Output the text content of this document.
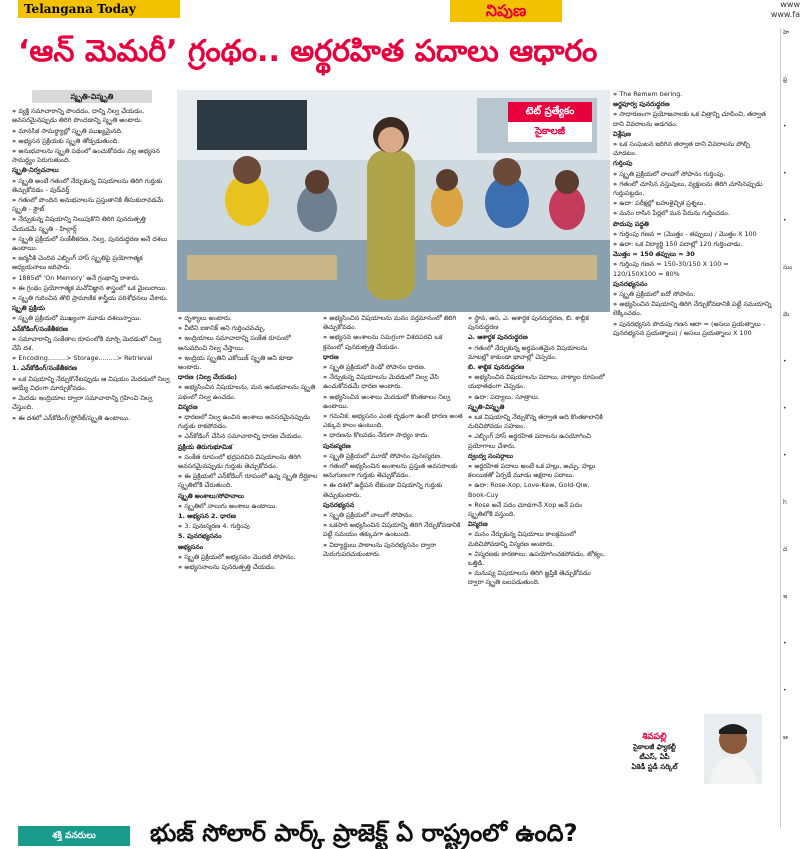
Telangana Today	నిపుణ	www
www.fa
‘ఆన్ మెమరీ’ గ్రంథం.. అర్థరహిత పదాలు ఆధారం
స్మృతి-విస్మృతి

» వ్యక్తి సమాచారాన్ని పొందడం, దాన్ని నిల్వ చేయడం, అవసరమైనప్పుడు తిరిగి పొందడాన్ని స్మృతి అంటారు.

» మానసిక సామర్థ్యాల్లో స్మృతి ముఖ్యమైనది.

» అభ్యసన ప్రక్రియకు స్మృతి తోడ్పడుతుంది.

» అనుభవాలను స్మృతి పథంలో ఉంచుకోవడం వల్ల అభ్యసన సామర్థ్యం పెరుగుతుంది.

స్మృతి-నిర్వచనాలు

» స్మృతి అంటే గతంలో నేర్చుకున్న విషయాలను తిరిగి గుర్తుకు తెచ్చుకోవడం - వుడ్‌వర్త్

» గతంలో పొందిన అనుభవాలను ప్రస్తుతానికి తీసుకురావడమే స్మృతి - స్టౌట్

» నేర్చుకున్న విషయాన్ని నిలుపుకొని తిరిగి పునరుత్పత్తి చేయడమే స్మృతి - హిల్గార్డ్

» స్మృతి ప్రక్రియలో సంకేతీకరణ, నిల్వ, పునరుద్ధరణ అనే దశలు ఉంటాయి.

» జర్మనీకి చెందిన ఎబ్బింగ్ హాస్ స్మృతిపై ప్రయోగాత్మక అధ్యయనాలు జరిపారు.

» 1885లో ‘On Memory’ అనే గ్రంథాన్ని రాశారు.

» ఈ గ్రంథం ప్రయోగాత్మక మనోవిజ్ఞాన శాస్త్రంలో ఒక మైలురాయి.

» స్మృతి గురించిన తొలి ప్రామాణిక శాస్త్రీయ పరిశోధనలు చేశారు.

స్మృతి ప్రక్రియ

» స్మృతి ప్రక్రియలో ముఖ్యంగా మూడు దశలున్నాయి.

ఎన్‌కోడింగ్/సంకేతీకరణ

» సమాచారాన్ని సంకేతాల రూపంలోకి మార్చి మెదడులో నిల్వ చేసే దశ.

» Encoding.........> Storage.........> Retrieval

1. ఎన్‌కోడింగ్/సంకేతీకరణ

» ఒక విషయాన్ని నేర్చుకొనేటప్పుడు ఆ విషయం మెదడులో నిల్వ అయ్యే విధంగా మార్చుకోవడం.

» మెదడు ఇంద్రియాల ద్వారా సమాచారాన్ని గ్రహించి నిల్వ చేస్తుంది.

» ఈ దశలో ఎన్‌కోడింగ్/స్టోరేజ్/స్మృతి ఉంటాయి.

టెట్ ప్రత్యేకం
సైకాలజీ

» దృశ్యాలు అంటారు.

» వీటిని ఐకానిక్ అని గుర్తించవచ్చు.

» ఇంద్రియాలు సమాచారాన్ని సంకేత రూపంలో అనువదించి నిల్వ చేస్తాయి.

» ఇంద్రియ స్మృతిని ఎకోయిక్ స్మృతి అని కూడా అంటారు.

ధారణ (నిల్వ చేయడం)

» అభ్యసించిన విషయాలను, మన అనుభవాలను స్మృతి పథంలో నిల్వ ఉంచడం.

విస్మరణ

» ధారణలో నిల్వ ఉంచిన అంశాలు అవసరమైనప్పుడు గుర్తుకు రాకపోవడం.

» ఎన్‌కోడింగ్ చేసిన సమాచారాన్ని ధారణ చేయడం.

ప్రక్రియ తిరుగుభూమిక

» సంకేత రూపంలో భద్రపరచిన విషయాలను తిరిగి అవసరమైనప్పుడు గుర్తుకు తెచ్చుకోవడం.

» ఈ ప్రక్రియలో ఎన్‌కోడింగ్ రూపంలో ఉన్న స్మృతి దీర్ఘకాల స్మృతిలోకి చేరుతుంది.

స్మృతి అంశాలు/సోపానాలు

» స్మృతిలో నాలుగు అంశాలు ఉంటాయి.

1. అభ్యసన 2. ధారణ

» 3. పునఃస్మరణ 4. గుర్తింపు

5. పునరభ్యసనం

అభ్యసనం

» స్మృతి ప్రక్రియలో అభ్యసనం మొదటి సోపానం.

» అభ్యసనాలను పునరుత్పత్తి చేయడం.

» అభ్యసించిన విషయాలను మనం వర్తమానంలో తిరిగి తెచ్చుకోవడం.

» అభ్యసన అంశాలను సమగ్రంగా విశదపరచి ఒక క్రమంలో పునరుత్పత్తి చేయడం.

ధారణ

» స్మృతి ప్రక్రియలో రెండో సోపానం ధారణ.

» నేర్చుకున్న విషయాలను మెదడులో నిల్వ చేసి ఉంచుకోవడమే ధారణ అంటారు.

» అభ్యసించిన అంశాలు మెదడులో కొంతకాలం నిల్వ ఉంటాయి.

» గమనిక: అభ్యసనం ఎంత దృఢంగా ఉంటే ధారణ అంత ఎక్కువ కాలం ఉంటుంది.

» ధారణను కొలవడం నేరుగా సాధ్యం కాదు.

పునఃస్మరణ

» స్మృతి ప్రక్రియలో మూడో సోపానం పునఃస్మరణ.

» గతంలో అభ్యసించిన అంశాలను ప్రస్తుత అవసరాలకు అనుగుణంగా గుర్తుకు తెచ్చుకోవడం.

» ఈ దశలో ఉద్దీపన లేకుండా విషయాన్ని గుర్తుకు తెచ్చుకుంటారు.

పునరభ్యసన

» స్మృతి ప్రక్రియలో నాలుగో సోపానం.

» ఒకసారి అభ్యసించిన విషయాన్ని తిరిగి నేర్చుకోవడానికి పట్టే సమయం తక్కువగా ఉంటుంది.

» విద్యార్థులు పాఠాలను పునరభ్యసనం ద్వారా మెరుగుపరచుకుంటారు.

» స్థాన, ఆస, ఎ. ఆశార్థక పునరుద్ధరణ, బి. శాబ్దిక పునరుద్ధరణ

ఎ. ఆశార్థక పునరుద్ధరణ

» గతంలో నేర్చుకున్న అర్థవంతమైన విషయాలను మాటల్లో కాకుండా భావాల్లో చెప్పడం.

బి. శాబ్దిక పునరుద్ధరణ

» అభ్యసించిన విషయాలను పదాలు, వాక్యాల రూపంలో యథాతథంగా చెప్పడం.

» ఉదా: పద్యాలు, సూత్రాలు.

స్మృతి-విస్మృతి

» ఒక విషయాన్ని నేర్చుకొన్న తర్వాత అది కొంతకాలానికి మరిచిపోవడం సహజం.

» ఎబ్బింగ్ హాస్ అర్థరహిత పదాలను ఉపయోగించి ప్రయోగాలు చేశారు.

ద్వంద్వ సంసర్గాలు

» అర్థరహిత పదాలు అంటే ఒక హల్లు, అచ్చు, హల్లు కలయికతో ఏర్పడే మూడు అక్షరాల పదాలు.

» ఉదా: Rose-Xop, Love-Kew, Gold-Qiw, Book-Cuy

» Rose అనే పదం చూడగానే Xop అనే పదం స్మృతిలోకి వస్తుంది.

విస్మరణ

» మనం నేర్చుకున్న విషయాలు కాలక్రమంలో మరిచిపోవడాన్ని విస్మరణ అంటారు.

» విస్మరణకు కారణాలు: ఉపయోగించకపోవడం, జోక్యం, ఒత్తిడి.

» మనుష్య విషయాలను తిరిగి జ్ఞప్తికి తెచ్చుకోవడం ద్వారా స్మృతి బలపడుతుంది.

» The Remem bering.

అర్థపూర్వ పునరుద్ధరణ

» సాధారణంగా ప్రయోజనాలకు ఒక చిత్రాన్ని చూపించి, తర్వాత దాని వివరాలను అడగడం.

విశ్లేషణ

» ఒక సంఘటన జరిగిన తర్వాత దాని వివరాలను పోల్చి చూడటం.

గుర్తింపు

» స్మృతి ప్రక్రియలో నాలుగో సోపానం గుర్తింపు.

» గతంలో చూసిన వస్తువులు, వ్యక్తులను తిరిగి చూసినప్పుడు గుర్తుపట్టడం.

» ఉదా: పరీక్షల్లో బహుళైచ్ఛిక ప్రశ్నలు.

» మనం రాసిన పేర్లలో మన పేరును గుర్తించడం.

పొదుపు పద్ధతి

» గుర్తింపు గణన = (మొత్తం - తప్పులు) / మొత్తం X 100

» ఉదా: ఒక విద్యార్థి 150 పదాల్లో 120 గుర్తించాడు.

మొత్తం = 150 తప్పులు = 30

» గుర్తింపు గణన = 150-30/150 X 100 = 120/150X100 = 80%

పునరభ్యసనం

» స్మృతి ప్రక్రియలో ఐదో సోపానం.

» అభ్యసించిన విషయాన్ని తిరిగి నేర్చుకోవడానికి పట్టే సమయాన్ని లెక్కించడం.

» పునరభ్యసన పొదుపు గణన ఆదా = (అసలు ప్రయత్నాలు - పునరభ్యసన ప్రయత్నాలు) / అసలు ప్రయత్నాలు X 100

శివపల్లి
సైకాలజీ ఫ్యాకల్టీ
టీఎస్, ఏపీ
ఏకెడీ స్టడీ సర్కిల్
హె
ఫ్ర
•
•
•
సుం
మె
•
•
•
h
ద
ఇ
•
•
ఆ
శక్తి వనరులు	భుజ్ సోలార్ పార్క్ ప్రాజెక్ట్ ఏ రాష్ట్రంలో ఉంది?
